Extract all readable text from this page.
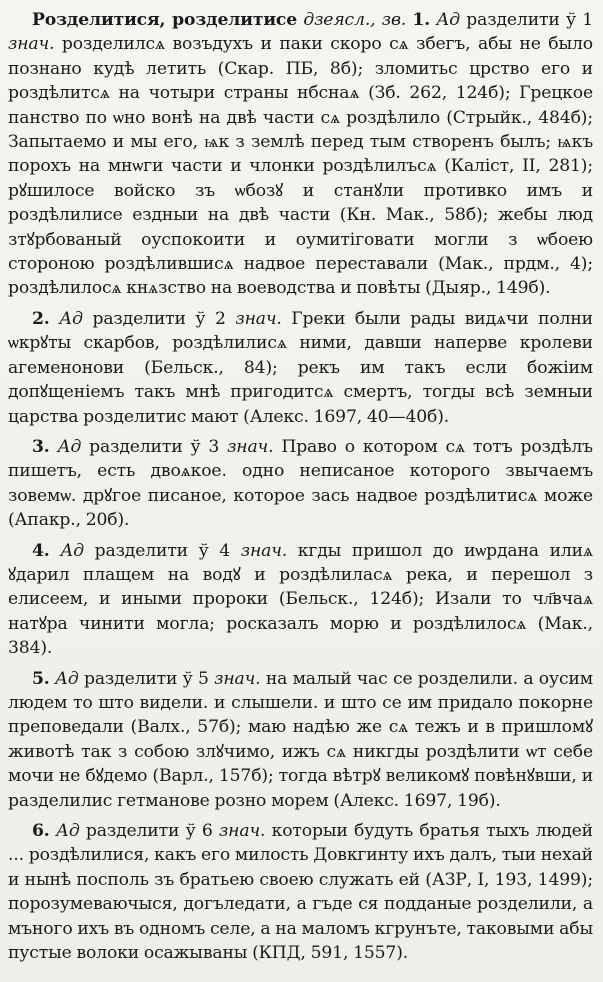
Розделитися, розделитисе дзеясл., зв. 1. Ад разделити ў 1 знач. розделилсѧ возъдухъ и паки скоро сѧ збегъ, абы не было познано кудѣ летить (Скар. ПБ, 8б); зломитьс црство его и роздѣлитсѧ на чотыри страны нбснаѧ (Зб. 262, 124б); Грецкое панство по ѡно вонѣ на двѣ части сѧ роздѣлило (Стрыйк., 484б); Запытаемо и мы его, ѩк з землѣ перед тым створенъ былъ; ѩкъ порохъ на мнѡги части и члонки роздѣлилъсѧ (Каліст, II, 281); рꙋшилосе войско зъ ѡбозꙋ и станꙋли противко имъ и роздѣлилисе ездныи на двѣ части (Кн. Мак., 58б); жебы люд зтꙋрбованый оуспокоити и оумитіговати могли з ѡбоею стороною роздѣлившисѧ надвое переставали (Мак., прдм., 4); роздѣлилосѧ кнѧзство на воеводства и повѣты (Дыяр., 149б).

2. Ад разделити ў 2 знач. Греки были рады видѧчи полни ѡкрꙋты скарбов, роздѣлилисѧ ними, давши напервe кролеви агеменонови (Бельск., 84); рекъ им такъ если божіим допꙋщеніемъ такъ мнѣ пригодитсѧ смертъ, тогды всѣ земныи царства розделитис мают (Алекс. 1697, 40—40б).

3. Ад разделити ў 3 знач. Право о котором сѧ тотъ роздѣлъ пишетъ, есть двоѧкое. одно неписаное которого звычаемъ зовемѡ. дрꙋгое писаное, которое зась надвое роздѣлитисѧ може (Апакр., 20б).

4. Ад разделити ў 4 знач. кгды пришол до иѡрдана илиѧ ꙋдарил плащем на водꙋ и роздѣлиласѧ река, и перешол з елисеем, и иными пророки (Бельск., 124б); Изали то чл҃вчаѧ натꙋра чинити могла; росказалъ морю и роздѣлилосѧ (Мак., 384).

5. Ад разделити ў 5 знач. на малый час се розделили. а оусим людем то што видели. и слышели. и што се им придало покорне преповедали (Валх., 57б); маю надѣю же сѧ тежъ и в пришломꙋ животѣ так з собою злꙋчимо, ижъ сѧ никгды роздѣлити ѡт себе мочи не бꙋдемо (Варл., 157б); тогда вѣтрꙋ великомꙋ повѣнꙋвши, и разделилис гетманове розно морем (Алекс. 1697, 19б).

6. Ад разделити ў 6 знач. которыи будуть братья тыхъ людей ... роздѣлилися, какъ его милость Довкгинту ихъ далъ, тыи нехай и нынѣ посполь зъ братьею своею служать ей (АЗР, I, 193, 1499); порозумеваючыся, догъледати, а гъде ся подданые розделили, а мъного ихъ въ одномъ селе, а на маломъ кгрунъте, таковыми абы пустые волоки осажываны (КПД, 591, 1557).
